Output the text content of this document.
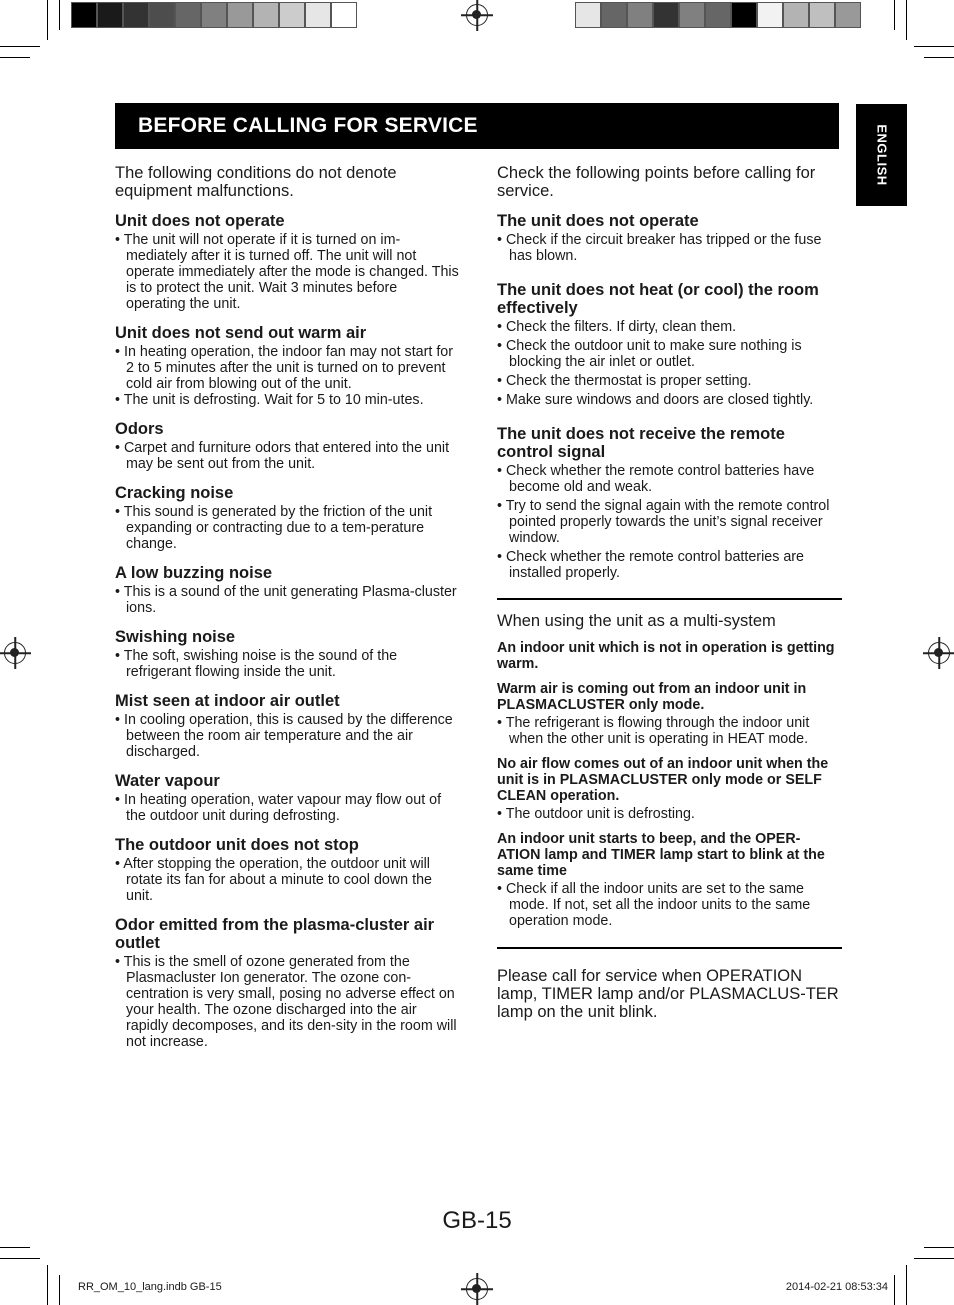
BEFORE CALLING FOR SERVICE	ENGLISH

The following conditions do not denote equipment malfunctions.

Unit does not operate

• The unit will not operate if it is turned on im-mediately after it is turned off. The unit will not operate immediately after the mode is changed. This is to protect the unit. Wait 3 minutes before operating the unit.

Unit does not send out warm air

• In heating operation, the indoor fan may not start for 2 to 5 minutes after the unit is turned on to prevent cold air from blowing out of the unit.

• The unit is defrosting. Wait for 5 to 10 min-utes.

Odors

• Carpet and furniture odors that entered into the unit may be sent out from the unit.

Cracking noise

• This sound is generated by the friction of the unit expanding or contracting due to a tem-perature change.

A low buzzing noise

• This is a sound of the unit generating Plasma-cluster ions.

Swishing noise

• The soft, swishing noise is the sound of the refrigerant flowing inside the unit.

Mist seen at indoor air outlet

• In cooling operation, this is caused by the difference between the room air temperature and the air discharged.

Water vapour

• In heating operation, water vapour may flow out of the outdoor unit during defrosting.

The outdoor unit does not stop

• After stopping the operation, the outdoor unit will rotate its fan for about a minute to cool down the unit.

Odor emitted from the plasma-cluster air outlet

• This is the smell of ozone generated from the Plasmacluster Ion generator. The ozone con-centration is very small, posing no adverse effect on your health. The ozone discharged into the air rapidly decomposes, and its den-sity in the room will not increase.

Check the following points before calling for service.

The unit does not operate

• Check if the circuit breaker has tripped or the fuse has blown.

The unit does not heat (or cool) the room effectively

• Check the filters. If dirty, clean them.

• Check the outdoor unit to make sure nothing is blocking the air inlet or outlet.

• Check the thermostat is proper setting.

• Make sure windows and doors are closed tightly.

The unit does not receive the remote control signal

• Check whether the remote control batteries have become old and weak.

• Try to send the signal again with the remote control pointed properly towards the unit’s signal receiver window.

• Check whether the remote control batteries are installed properly.

When using the unit as a multi-system

An indoor unit which is not in operation is getting warm.
Warm air is coming out from an indoor unit in PLASMACLUSTER only mode.

• The refrigerant is flowing through the indoor unit when the other unit is operating in HEAT mode.

No air flow comes out of an indoor unit when the unit is in PLASMACLUSTER only mode or SELF CLEAN operation.

• The outdoor unit is defrosting.

An indoor unit starts to beep, and the OPER-ATION lamp and TIMER lamp start to blink at the same time

• Check if all the indoor units are set to the same mode. If not, set all the indoor units to the same operation mode.

Please call for service when OPERATION lamp, TIMER lamp and/or PLASMACLUS-TER lamp on the unit blink.

GB-15
RR_OM_10_lang.indb GB-15	2014-02-21 08:53:34
